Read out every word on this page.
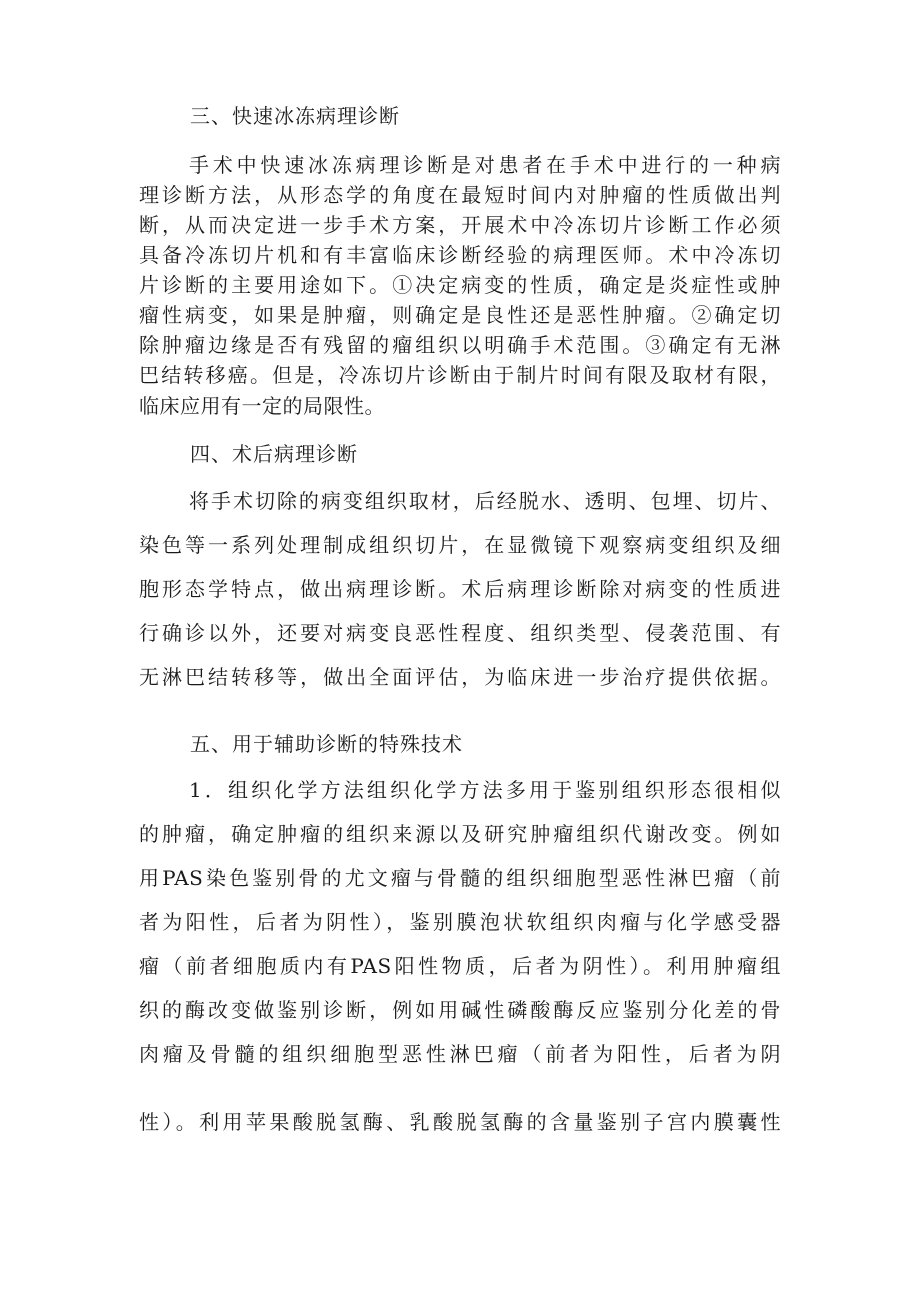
三、快速冰冻病理诊断
手术中快速冰冻病理诊断是对患者在手术中进行的一种病
理诊断方法，从形态学的角度在最短时间内对肿瘤的性质做出判
断，从而决定进一步手术方案，开展术中冷冻切片诊断工作必须
具备冷冻切片机和有丰富临床诊断经验的病理医师。术中冷冻切
片诊断的主要用途如下。①决定病变的性质，确定是炎症性或肿
瘤性病变，如果是肿瘤，则确定是良性还是恶性肿瘤。②确定切
除肿瘤边缘是否有残留的瘤组织以明确手术范围。③确定有无淋
巴结转移癌。但是，冷冻切片诊断由于制片时间有限及取材有限，
临床应用有一定的局限性。
四、术后病理诊断
将手术切除的病变组织取材，后经脱水、透明、包埋、切片、
染色等一系列处理制成组织切片，在显微镜下观察病变组织及细
胞形态学特点，做出病理诊断。术后病理诊断除对病变的性质进
行确诊以外，还要对病变良恶性程度、组织类型、侵袭范围、有
无淋巴结转移等，做出全面评估，为临床进一步治疗提供依据。
五、用于辅助诊断的特殊技术
1．组织化学方法组织化学方法多用于鉴别组织形态很相似
的肿瘤，确定肿瘤的组织来源以及研究肿瘤组织代谢改变。例如
用PAS染色鉴别骨的尤文瘤与骨髓的组织细胞型恶性淋巴瘤（前
者为阳性，后者为阴性），鉴别膜泡状软组织肉瘤与化学感受器
瘤（前者细胞质内有PAS阳性物质，后者为阴性）。利用肿瘤组
织的酶改变做鉴别诊断，例如用碱性磷酸酶反应鉴别分化差的骨
肉瘤及骨髓的组织细胞型恶性淋巴瘤（前者为阳性，后者为阴
性）。利用苹果酸脱氢酶、乳酸脱氢酶的含量鉴别子宫内膜囊性
